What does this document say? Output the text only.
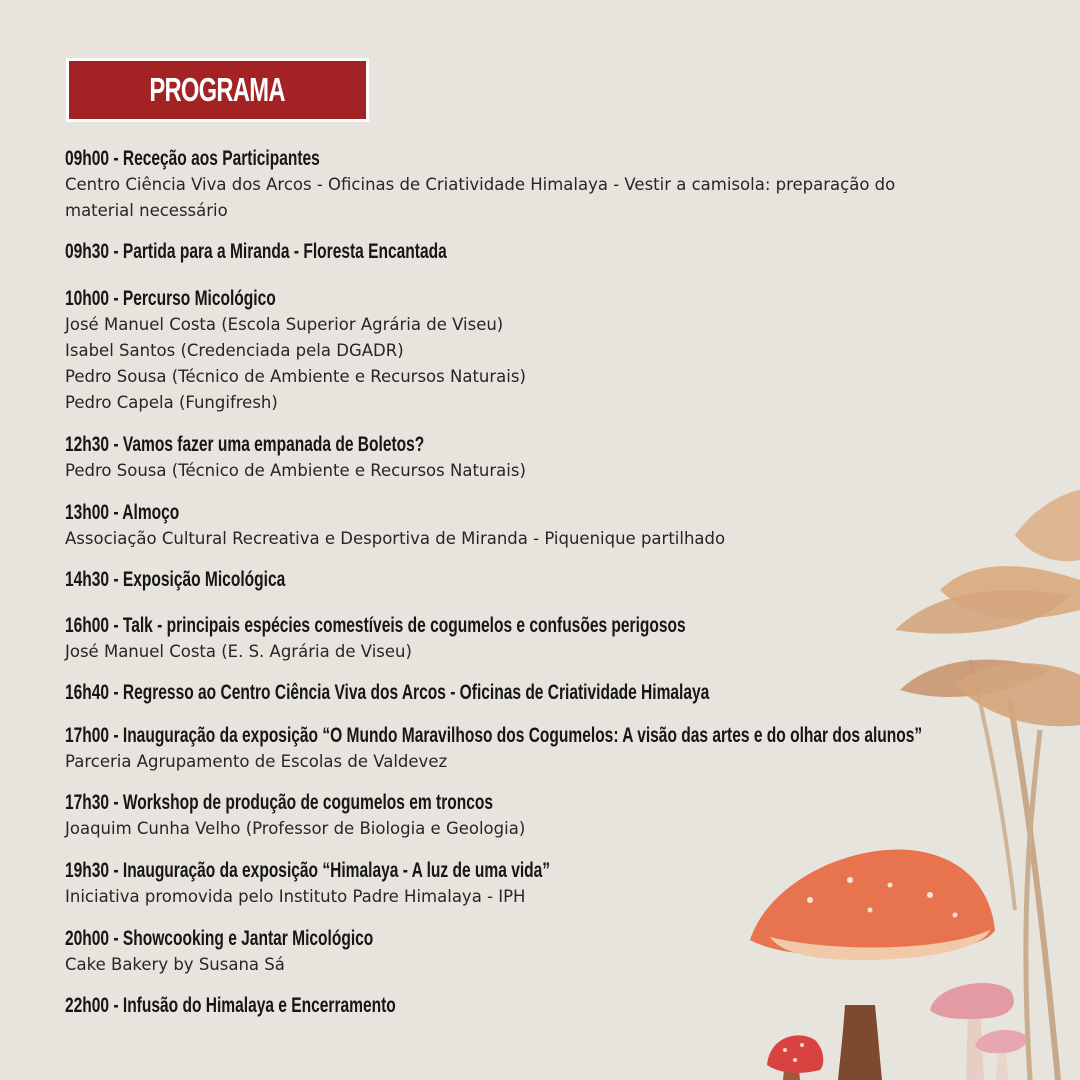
PROGRAMA
09h00 - Receção aos Participantes
Centro Ciência Viva dos Arcos - Oficinas de Criatividade Himalaya - Vestir a camisola: preparação do
material necessário
09h30 - Partida para a Miranda - Floresta Encantada
10h00 - Percurso Micológico
José Manuel Costa (Escola Superior Agrária de Viseu)
Isabel Santos (Credenciada pela DGADR)
Pedro Sousa (Técnico de Ambiente e Recursos Naturais)
Pedro Capela (Fungifresh)
12h30 - Vamos fazer uma empanada de Boletos?
Pedro Sousa (Técnico de Ambiente e Recursos Naturais)
13h00 - Almoço
Associação Cultural Recreativa e Desportiva de Miranda - Piquenique partilhado
14h30 - Exposição Micológica
16h00 - Talk - principais espécies comestíveis de cogumelos e confusões perigosos
José Manuel Costa (E. S. Agrária de Viseu)
16h40 - Regresso ao Centro Ciência Viva dos Arcos - Oficinas de Criatividade Himalaya
17h00 - Inauguração da exposição “O Mundo Maravilhoso dos Cogumelos: A visão das artes e do olhar dos alunos”
Parceria Agrupamento de Escolas de Valdevez
17h30 - Workshop de produção de cogumelos em troncos
Joaquim Cunha Velho (Professor de Biologia e Geologia)
19h30 - Inauguração da exposição “Himalaya - A luz de uma vida”
Iniciativa promovida pelo Instituto Padre Himalaya - IPH
20h00 - Showcooking e Jantar Micológico
Cake Bakery by Susana Sá
22h00 - Infusão do Himalaya e Encerramento
